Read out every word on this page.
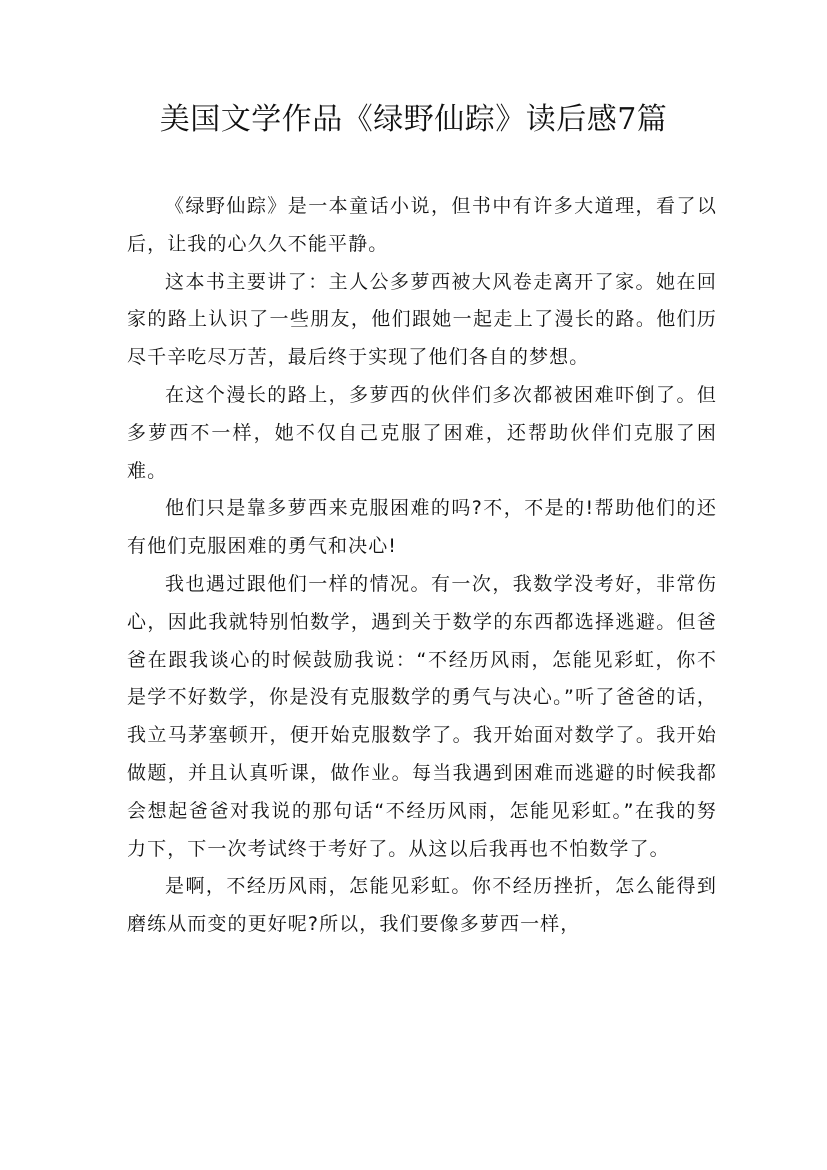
美国文学作品《绿野仙踪》读后感7篇

《绿野仙踪》是一本童话小说，但书中有许多大道理，看了以后，让我的心久久不能平静。

这本书主要讲了：主人公多萝西被大风卷走离开了家。她在回家的路上认识了一些朋友，他们跟她一起走上了漫长的路。他们历尽千辛吃尽万苦，最后终于实现了他们各自的梦想。

在这个漫长的路上，多萝西的伙伴们多次都被困难吓倒了。但多萝西不一样，她不仅自己克服了困难，还帮助伙伴们克服了困难。

他们只是靠多萝西来克服困难的吗?不，不是的!帮助他们的还有他们克服困难的勇气和决心!

我也遇过跟他们一样的情况。有一次，我数学没考好，非常伤心，因此我就特别怕数学，遇到关于数学的东西都选择逃避。但爸爸在跟我谈心的时候鼓励我说：“不经历风雨，怎能见彩虹，你不是学不好数学，你是没有克服数学的勇气与决心。”听了爸爸的话，我立马茅塞顿开，便开始克服数学了。我开始面对数学了。我开始做题，并且认真听课，做作业。每当我遇到困难而逃避的时候我都会想起爸爸对我说的那句话“不经历风雨，怎能见彩虹。”在我的努力下，下一次考试终于考好了。从这以后我再也不怕数学了。

是啊，不经历风雨，怎能见彩虹。你不经历挫折，怎么能得到磨练从而变的更好呢?所以，我们要像多萝西一样，
